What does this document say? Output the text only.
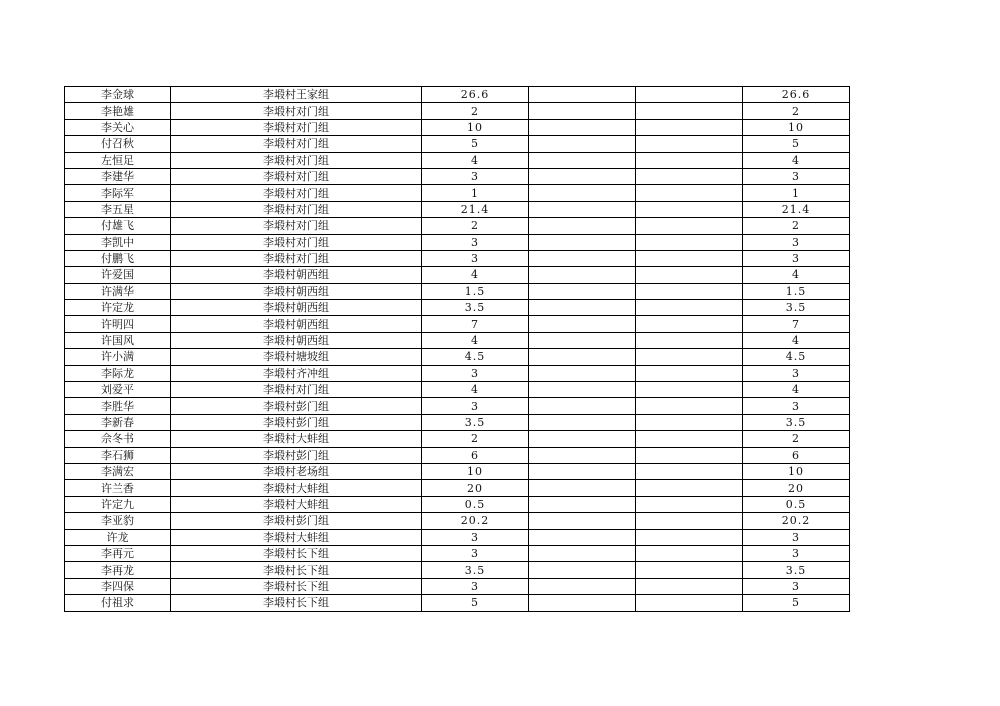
李金球	李塅村王家组	26.6			26.6
李艳雄	李塅村对门组	2			2
李关心	李塅村对门组	10			10
付召秋	李塅村对门组	5			5
左恒足	李塅村对门组	4			4
李建华	李塅村对门组	3			3
李际军	李塅村对门组	1			1
李五星	李塅村对门组	21.4			21.4
付雄飞	李塅村对门组	2			2
李凯中	李塅村对门组	3			3
付鹏飞	李塅村对门组	3			3
许爱国	李塅村朝西组	4			4
许满华	李塅村朝西组	1.5			1.5
许定龙	李塅村朝西组	3.5			3.5
许明四	李塅村朝西组	7			7
许国风	李塅村朝西组	4			4
许小满	李塅村塘坡组	4.5			4.5
李际龙	李塅村齐冲组	3			3
刘爱平	李塅村对门组	4			4
李胜华	李塅村彭门组	3			3
李新春	李塅村彭门组	3.5			3.5
佘冬书	李塅村大蚌组	2			2
李石狮	李塅村彭门组	6			6
李满宏	李塅村老场组	10			10
许兰香	李塅村大蚌组	20			20
许定九	李塅村大蚌组	0.5			0.5
李亚豹	李塅村彭门组	20.2			20.2
许龙	李塅村大蚌组	3			3
李再元	李塅村长下组	3			3
李再龙	李塅村长下组	3.5			3.5
李四保	李塅村长下组	3			3
付祖求	李塅村长下组	5			5
